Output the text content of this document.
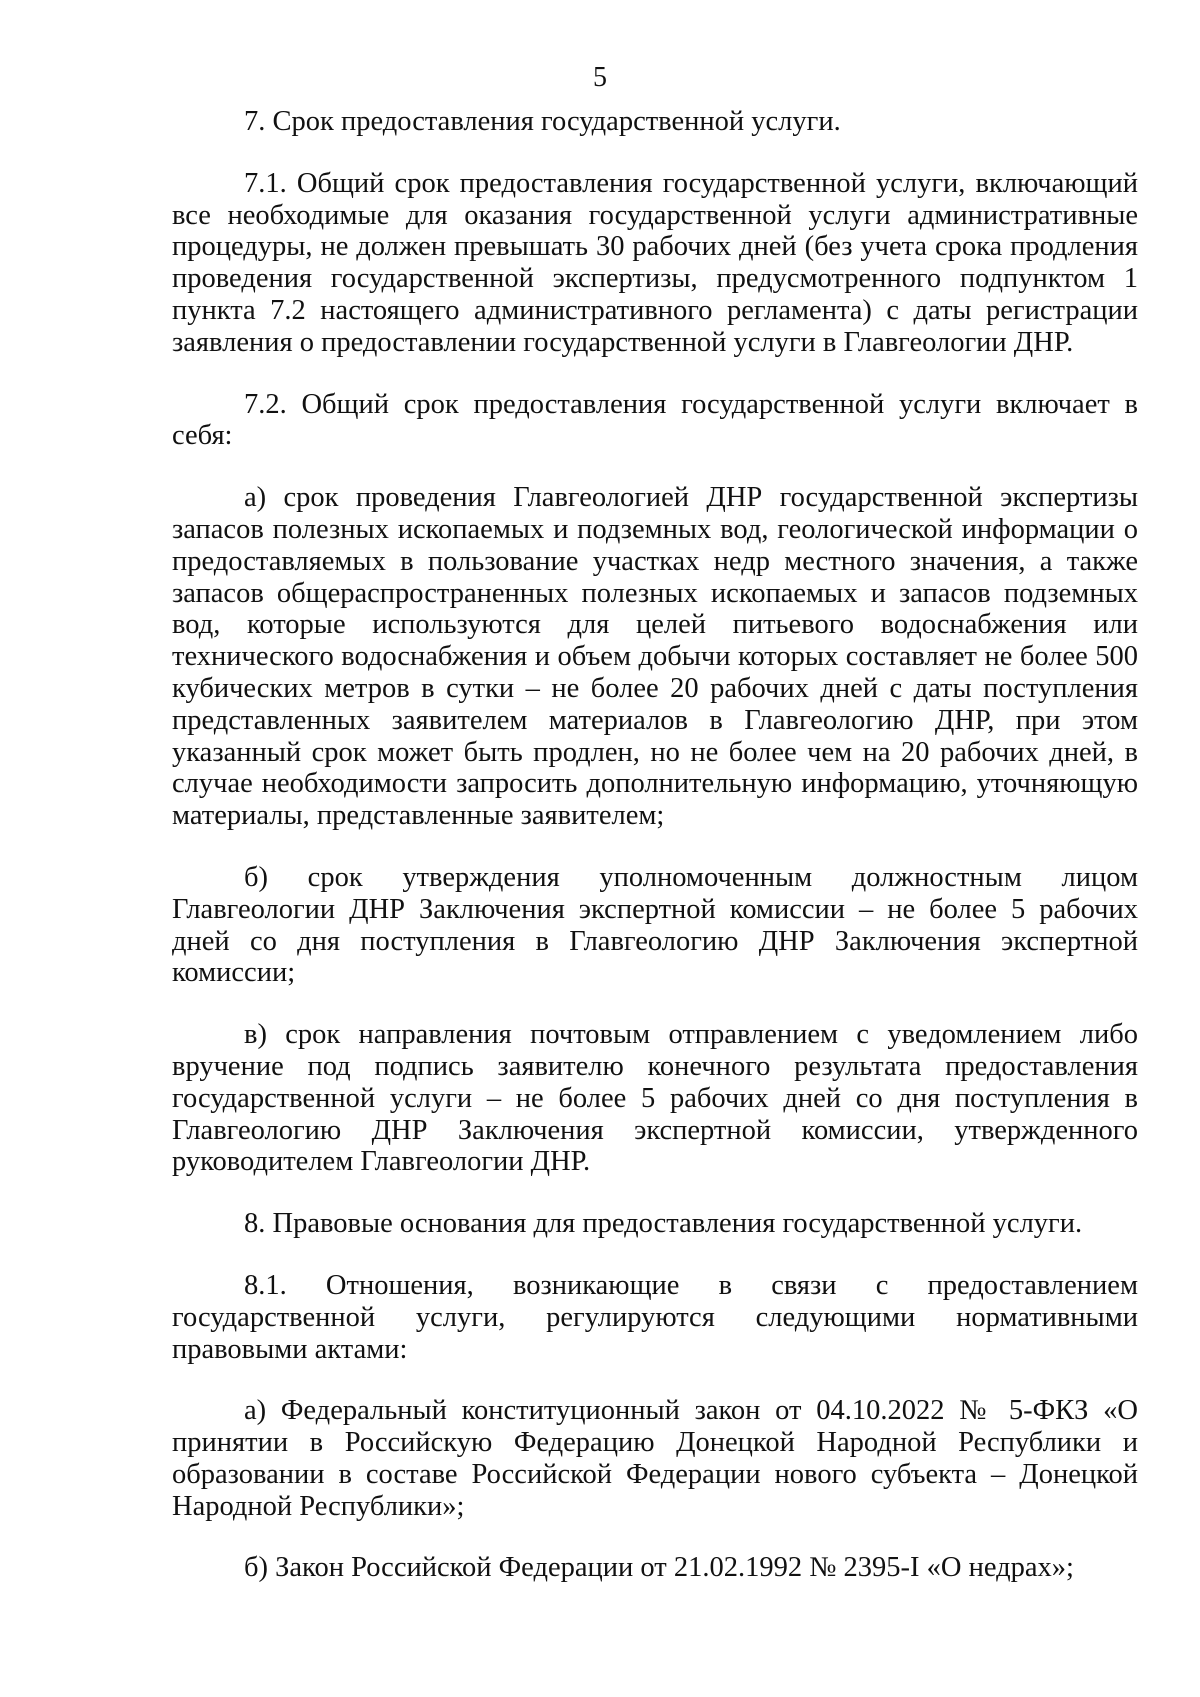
5

7. Срок предоставления государственной услуги.

7.1. Общий срок предоставления государственной услуги, включающий все необходимые для оказания государственной услуги административные процедуры, не должен превышать 30 рабочих дней (без учета срока продления проведения государственной экспертизы, предусмотренного подпунктом 1 пункта 7.2 настоящего административного регламента) с даты регистрации заявления о предоставлении государственной услуги в Главгеологии ДНР.

7.2. Общий срок предоставления государственной услуги включает в себя:

а) срок проведения Главгеологией ДНР государственной экспертизы запасов полезных ископаемых и подземных вод, геологической информации о предоставляемых в пользование участках недр местного значения, а также запасов общераспространенных полезных ископаемых и запасов подземных вод, которые используются для целей питьевого водоснабжения или технического водоснабжения и объем добычи которых составляет не более 500 кубических метров в сутки – не более 20 рабочих дней с даты поступления представленных заявителем материалов в Главгеологию ДНР, при этом указанный срок может быть продлен, но не более чем на 20 рабочих дней, в случае необходимости запросить дополнительную информацию, уточняющую материалы, представленные заявителем;

б) срок утверждения уполномоченным должностным лицом Главгеологии ДНР Заключения экспертной комиссии – не более 5 рабочих дней со дня поступления в Главгеологию ДНР Заключения экспертной комиссии;

в) срок направления почтовым отправлением с уведомлением либо вручение под подпись заявителю конечного результата предоставления государственной услуги – не более 5 рабочих дней со дня поступления в Главгеологию ДНР Заключения экспертной комиссии, утвержденного руководителем Главгеологии ДНР.

8. Правовые основания для предоставления государственной услуги.

8.1. Отношения, возникающие в связи с предоставлением государственной услуги, регулируются следующими нормативными правовыми актами:

а) Федеральный конституционный закон от 04.10.2022 № 5-ФКЗ «О принятии в Российскую Федерацию Донецкой Народной Республики и образовании в составе Российской Федерации нового субъекта – Донецкой Народной Республики»;

б) Закон Российской Федерации от 21.02.1992 № 2395-I «О недрах»;
